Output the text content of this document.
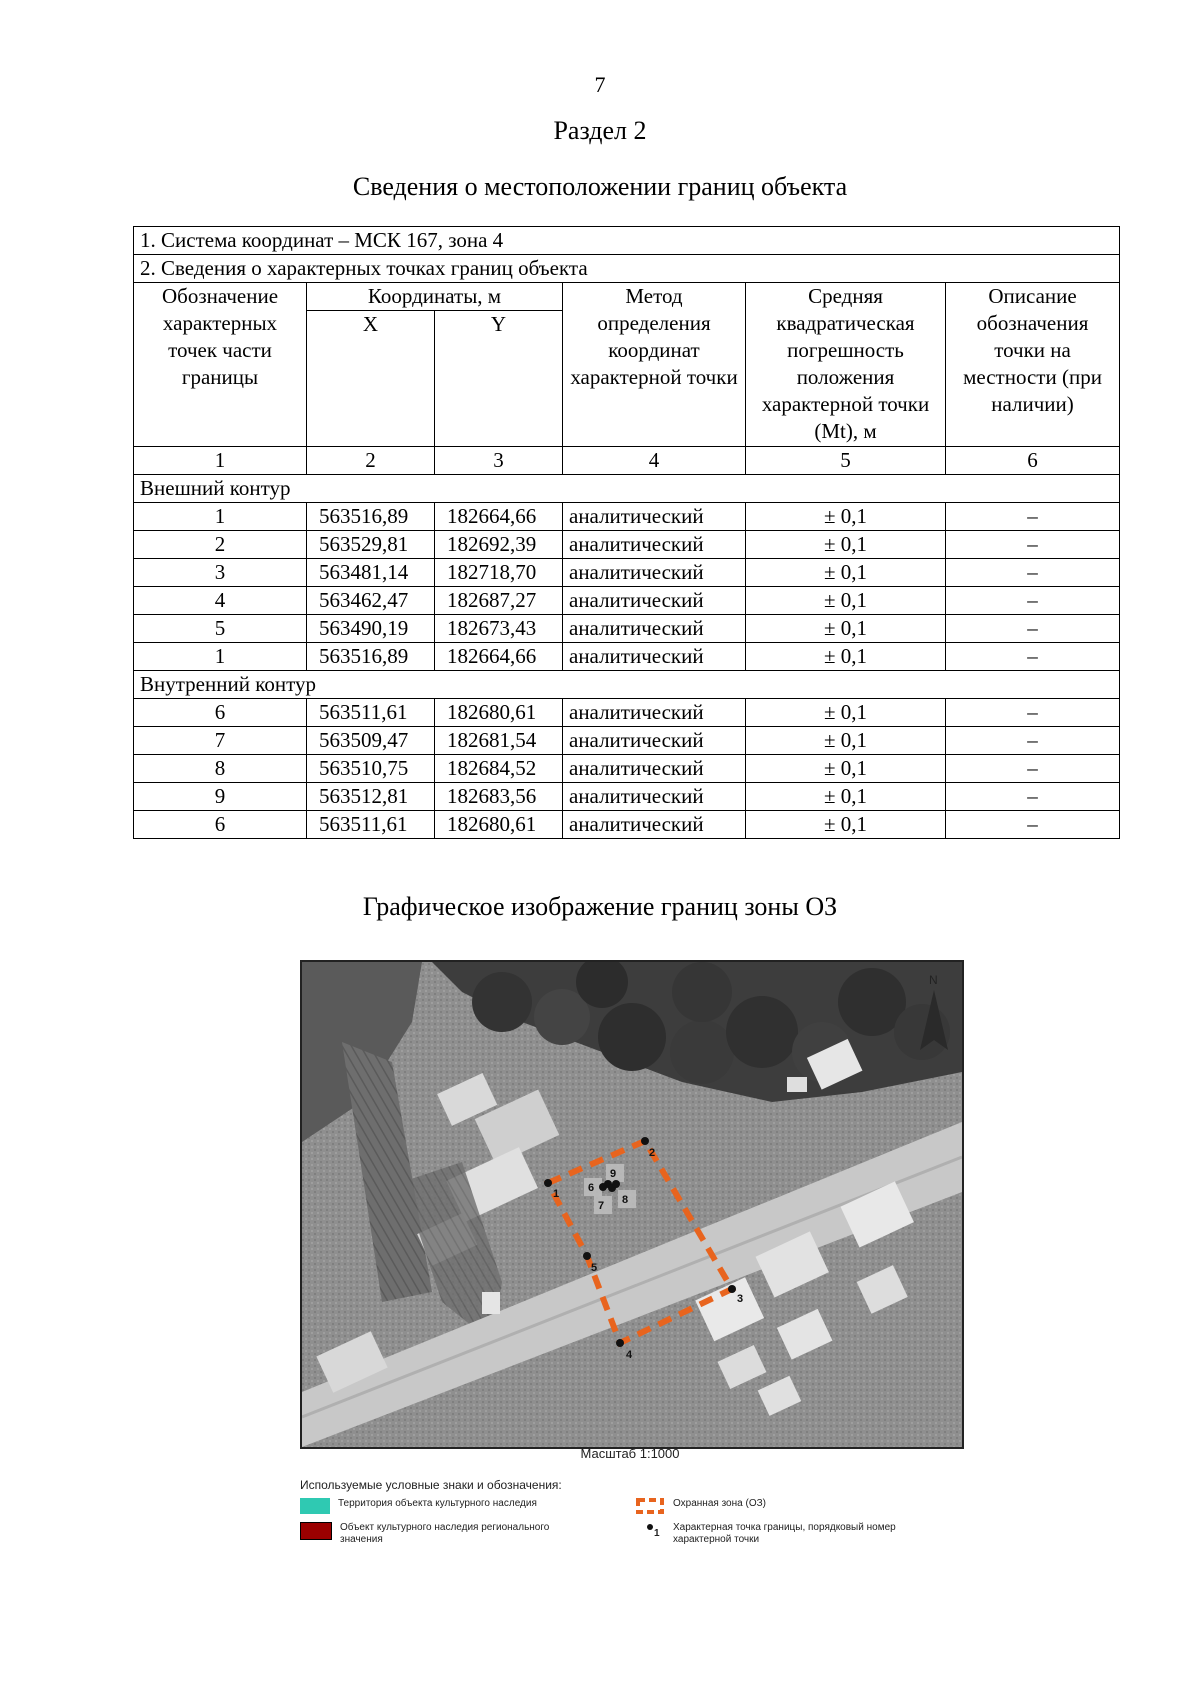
7
Раздел 2
Сведения о местоположении границ объекта
1. Система координат – МСК 167, зона 4					
2. Сведения о характерных точках границ объекта					
Обозначение характерных точек части границы	Координаты, м		Метод определения координат характерной точки	Средняя квадратическая погрешность положения характерной точки (Mt), м	Описание обозначения точки на местности (при наличии)
	X	Y			
1	2	3	4	5	6
Внешний контур					
1	563516,89	182664,66	аналитический	± 0,1	–
2	563529,81	182692,39	аналитический	± 0,1	–
3	563481,14	182718,70	аналитический	± 0,1	–
4	563462,47	182687,27	аналитический	± 0,1	–
5	563490,19	182673,43	аналитический	± 0,1	–
1	563516,89	182664,66	аналитический	± 0,1	–
Внутренний контур					
6	563511,61	182680,61	аналитический	± 0,1	–
7	563509,47	182681,54	аналитический	± 0,1	–
8	563510,75	182684,52	аналитический	± 0,1	–
9	563512,81	182683,56	аналитический	± 0,1	–
6	563511,61	182680,61	аналитический	± 0,1	–
Графическое изображение границ зоны ОЗ
N
1
2
3
4
5
6
7 8
9
Масштаб 1:1000
Используемые условные знаки и обозначения:
Территория объекта культурного наследия
Объект культурного наследия регионального значения
Охранная зона (ОЗ)
1
Характерная точка границы, порядковый номер характерной точки
